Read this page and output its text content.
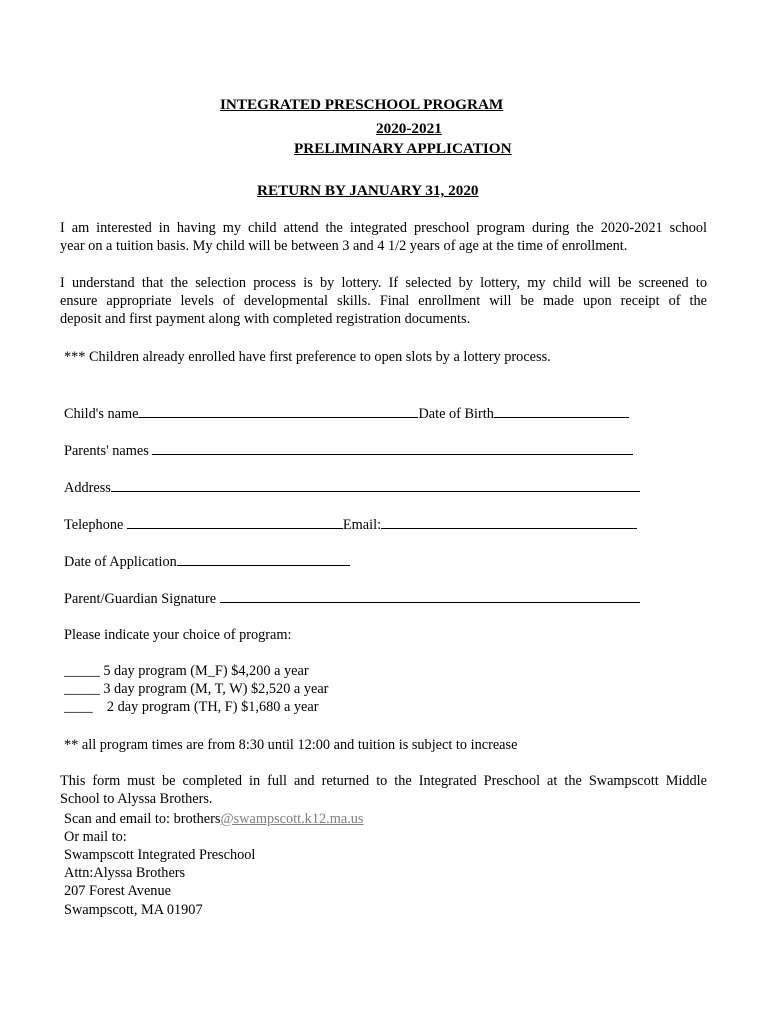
INTEGRATED PRESCHOOL PROGRAM
2020-2021
PRELIMINARY APPLICATION
RETURN BY JANUARY 31, 2020
I am interested in having my child attend the integrated preschool program during the 2020-2021 school
year on a tuition basis. My child will be between 3 and 4 1/2 years of age at the time of enrollment.
I understand that the selection process is by lottery. If selected by lottery, my child will be screened to
ensure appropriate levels of developmental skills. Final enrollment will be made upon receipt of the
deposit and first payment along with completed registration documents.
*** Children already enrolled have first preference to open slots by a lottery process.
Child's name	Date of Birth
Parents' names
Address
Telephone	Email:
Date of Application
Parent/Guardian Signature
Please indicate your choice of program:
_____ 5 day program (M_F) $4,200 a year
_____ 3 day program (M, T, W) $2,520 a year
____ 2 day program (TH, F) $1,680 a year
** all program times are from 8:30 until 12:00 and tuition is subject to increase
This form must be completed in full and returned to the Integrated Preschool at the Swampscott Middle
School to Alyssa Brothers.
Scan and email to: brothers@swampscott.k12.ma.us
Or mail to:
Swampscott Integrated Preschool
Attn:Alyssa Brothers
207 Forest Avenue
Swampscott, MA 01907
